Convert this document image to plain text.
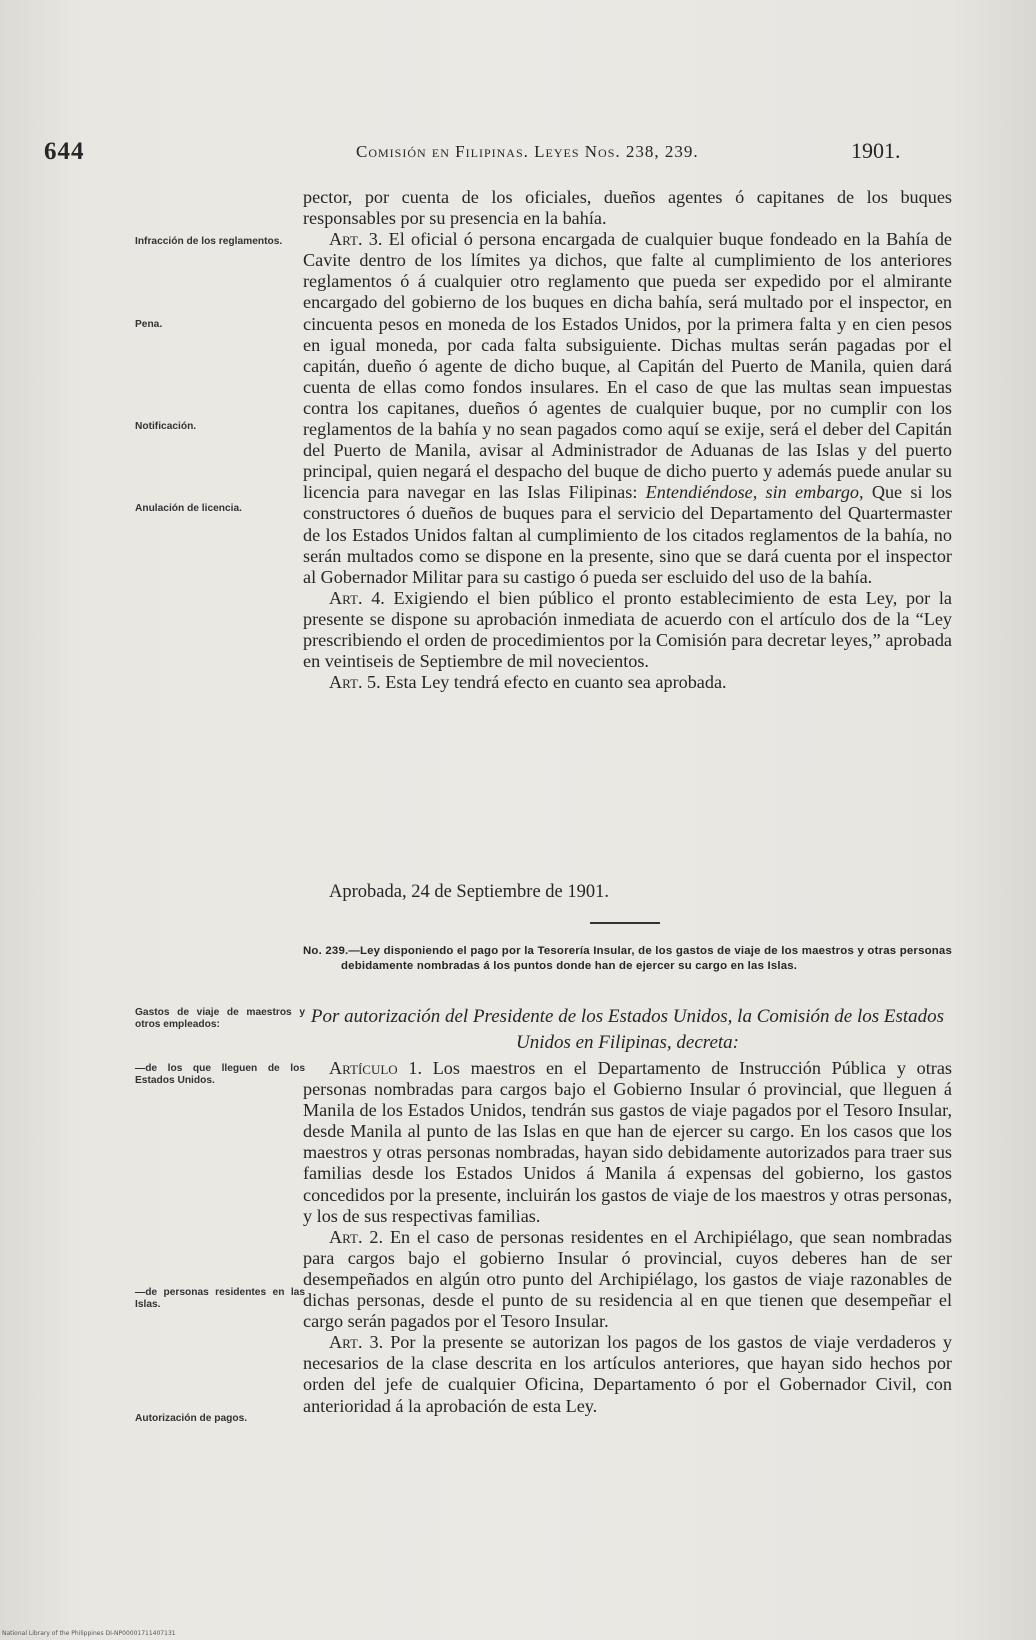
644	Comisión en Filipinas. Leyes Nos. 238, 239.	1901.
Infracción de los reglamentos.
Pena.
Notificación.
Anulación de licencia.
Gastos de viaje de maestros y otros empleados:
—de los que lleguen de los Estados Unidos.
—de personas residentes en las Islas.
Autorización de pagos.

pector, por cuenta de los oficiales, dueños agentes ó capitanes de los buques responsables por su presencia en la bahía.

Art. 3. El oficial ó persona encargada de cualquier buque fondeado en la Bahía de Cavite dentro de los límites ya dichos, que falte al cumplimiento de los anteriores reglamentos ó á cualquier otro reglamento que pueda ser expedido por el almirante encargado del gobierno de los buques en dicha bahía, será multado por el inspector, en cincuenta pesos en moneda de los Estados Unidos, por la primera falta y en cien pesos en igual moneda, por cada falta subsiguiente. Dichas multas serán pagadas por el capitán, dueño ó agente de dicho buque, al Capitán del Puerto de Manila, quien dará cuenta de ellas como fondos insulares. En el caso de que las multas sean impuestas contra los capitanes, dueños ó agentes de cualquier buque, por no cumplir con los reglamentos de la bahía y no sean pagados como aquí se exije, será el deber del Capitán del Puerto de Manila, avisar al Administrador de Aduanas de las Islas y del puerto principal, quien negará el despacho del buque de dicho puerto y además puede anular su licencia para navegar en las Islas Filipinas: Entendiéndose, sin embargo, Que si los constructores ó dueños de buques para el servicio del Departamento del Quartermaster de los Estados Unidos faltan al cumplimiento de los citados reglamentos de la bahía, no serán multados como se dispone en la presente, sino que se dará cuenta por el inspector al Gobernador Militar para su castigo ó pueda ser escluido del uso de la bahía.

Art. 4. Exigiendo el bien público el pronto establecimiento de esta Ley, por la presente se dispone su aprobación inmediata de acuerdo con el artículo dos de la “Ley prescribiendo el orden de procedimientos por la Comisión para decretar leyes,” aprobada en veintiseis de Septiembre de mil novecientos.

Art. 5. Esta Ley tendrá efecto en cuanto sea aprobada.

Aprobada, 24 de Septiembre de 1901.
No. 239.—Ley disponiendo el pago por la Tesorería Insular, de los gastos de viaje de los maestros y otras personas debidamente nombradas á los puntos donde han de ejercer su cargo en las Islas.
Por autorización del Presidente de los Estados Unidos, la Comisión de los Estados Unidos en Filipinas, decreta:

Artículo 1. Los maestros en el Departamento de Instrucción Pública y otras personas nombradas para cargos bajo el Gobierno Insular ó provincial, que lleguen á Manila de los Estados Unidos, tendrán sus gastos de viaje pagados por el Tesoro Insular, desde Manila al punto de las Islas en que han de ejercer su cargo. En los casos que los maestros y otras personas nombradas, hayan sido debidamente autorizados para traer sus familias desde los Estados Unidos á Manila á expensas del gobierno, los gastos concedidos por la presente, incluirán los gastos de viaje de los maestros y otras personas, y los de sus respectivas familias.

Art. 2. En el caso de personas residentes en el Archipiélago, que sean nombradas para cargos bajo el gobierno Insular ó provincial, cuyos deberes han de ser desempeñados en algún otro punto del Archipiélago, los gastos de viaje razonables de dichas personas, desde el punto de su residencia al en que tienen que desempeñar el cargo serán pagados por el Tesoro Insular.

Art. 3. Por la presente se autorizan los pagos de los gastos de viaje verdaderos y necesarios de la clase descrita en los artículos anteriores, que hayan sido hechos por orden del jefe de cualquier Oficina, Departamento ó por el Gobernador Civil, con anterioridad á la aprobación de esta Ley.

National Library of the Philippines DI-NP00001711407131
